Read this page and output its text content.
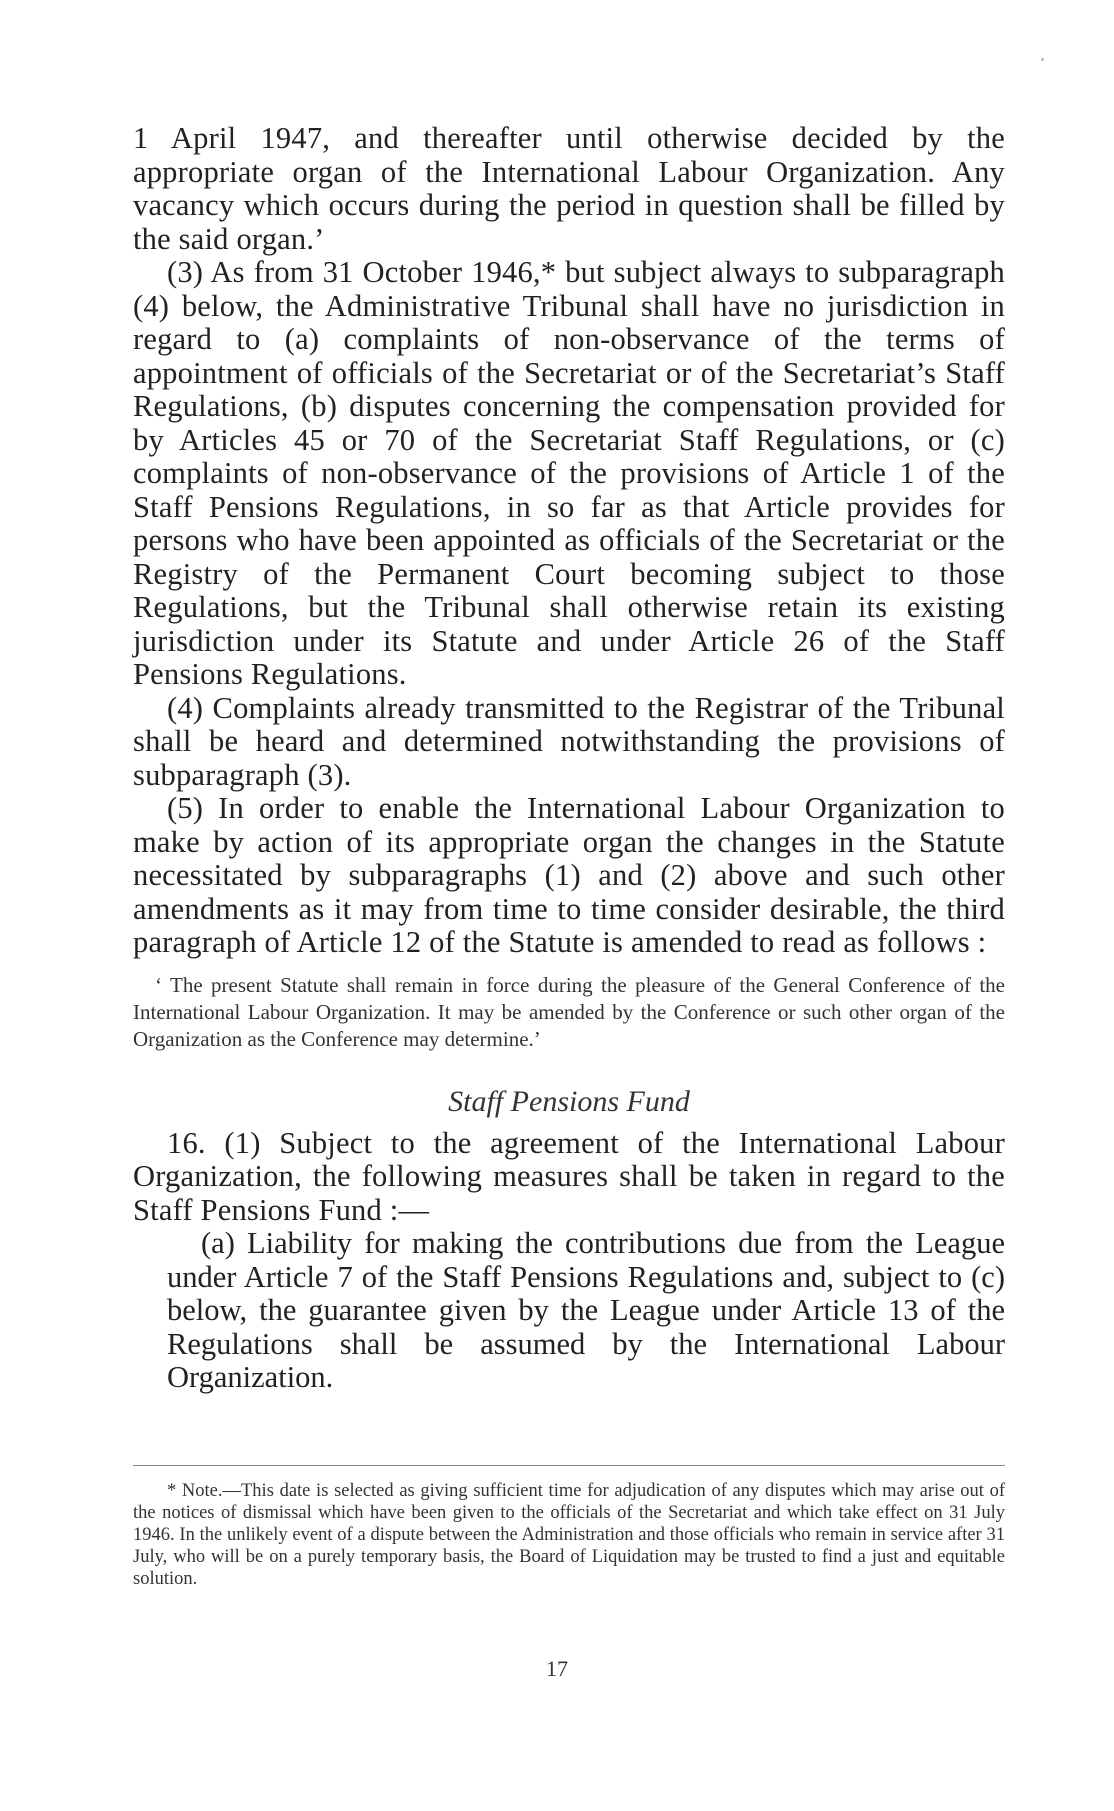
1 April 1947, and thereafter until otherwise decided by the appropriate organ of the International Labour Organization. Any vacancy which occurs during the period in question shall be filled by the said organ.’

(3) As from 31 October 1946,* but subject always to subparagraph (4) below, the Administrative Tribunal shall have no jurisdiction in regard to (a) complaints of non-observance of the terms of appointment of officials of the Secretariat or of the Secretariat’s Staff Regulations, (b) disputes concerning the compensation provided for by Articles 45 or 70 of the Secretariat Staff Regulations, or (c) complaints of non-observance of the provisions of Article 1 of the Staff Pensions Regulations, in so far as that Article provides for persons who have been appointed as officials of the Secretariat or the Registry of the Permanent Court becoming subject to those Regulations, but the Tribunal shall otherwise retain its existing jurisdiction under its Statute and under Article 26 of the Staff Pensions Regulations.

(4) Complaints already transmitted to the Registrar of the Tribunal shall be heard and determined notwithstanding the provisions of subparagraph (3).

(5) In order to enable the International Labour Organization to make by action of its appropriate organ the changes in the Statute necessitated by subparagraphs (1) and (2) above and such other amendments as it may from time to time consider desirable, the third paragraph of Article 12 of the Statute is amended to read as follows :

‘ The present Statute shall remain in force during the pleasure of the General Conference of the International Labour Organization. It may be amended by the Conference or such other organ of the Organization as the Conference may determine.’

Staff Pensions Fund

16. (1) Subject to the agreement of the International Labour Organization, the following measures shall be taken in regard to the Staff Pensions Fund :—

(a) Liability for making the contributions due from the League under Article 7 of the Staff Pensions Regulations and, subject to (c) below, the guarantee given by the League under Article 13 of the Regulations shall be assumed by the International Labour Organization.

* Note.—This date is selected as giving sufficient time for adjudication of any disputes which may arise out of the notices of dismissal which have been given to the officials of the Secretariat and which take effect on 31 July 1946. In the unlikely event of a dispute between the Administration and those officials who remain in service after 31 July, who will be on a purely temporary basis, the Board of Liquidation may be trusted to find a just and equitable solution.

17
